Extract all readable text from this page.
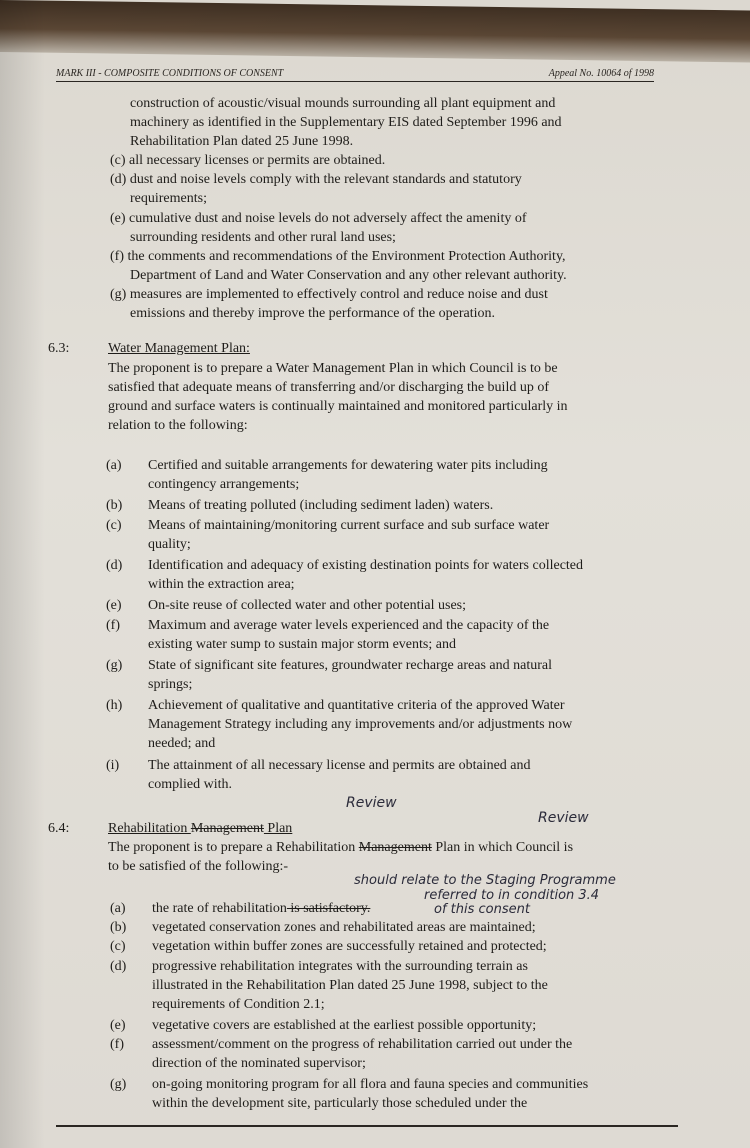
MARK III - COMPOSITE CONDITIONS OF CONSENT	Appeal No. 10064 of 1998

construction of acoustic/visual mounds surrounding all plant equipment and
machinery as identified in the Supplementary EIS dated September 1996 and
Rehabilitation Plan dated 25 June 1998.
(c) all necessary licenses or permits are obtained.
(d) dust and noise levels comply with the relevant standards and statutory
requirements;
(e) cumulative dust and noise levels do not adversely affect the amenity of
surrounding residents and other rural land uses;
(f) the comments and recommendations of the Environment Protection Authority,
Department of Land and Water Conservation and any other relevant authority.
(g) measures are implemented to effectively control and reduce noise and dust
emissions and thereby improve the performance of the operation.
6.3:	Water Management Plan:
The proponent is to prepare a Water Management Plan in which Council is to be
satisfied that adequate means of transferring and/or discharging the build up of
ground and surface waters is continually maintained and monitored particularly in
relation to the following:
(a) Certified and suitable arrangements for dewatering water pits including
contingency arrangements;
(b) Means of treating polluted (including sediment laden) waters.
(c) Means of maintaining/monitoring current surface and sub surface water
quality;
(d) Identification and adequacy of existing destination points for waters collected
within the extraction area;
(e) On-site reuse of collected water and other potential uses;
(f) Maximum and average water levels experienced and the capacity of the
existing water sump to sustain major storm events; and
(g) State of significant site features, groundwater recharge areas and natural
springs;
(h) Achievement of qualitative and quantitative criteria of the approved Water
Management Strategy including any improvements and/or adjustments now
needed; and
(i) The attainment of all necessary license and permits are obtained and
complied with.
Review
Review
6.4:	Rehabilitation Management Plan
The proponent is to prepare a Rehabilitation Management Plan in which Council is
to be satisfied of the following:-
should relate to the Staging Programme
referred to in condition 3.4
of this consent
(a) the rate of rehabilitation is satisfactory.
(b) vegetated conservation zones and rehabilitated areas are maintained;
(c) vegetation within buffer zones are successfully retained and protected;
(d) progressive rehabilitation integrates with the surrounding terrain as
illustrated in the Rehabilitation Plan dated 25 June 1998, subject to the
requirements of Condition 2.1;
(e) vegetative covers are established at the earliest possible opportunity;
(f) assessment/comment on the progress of rehabilitation carried out under the
direction of the nominated supervisor;
(g) on-going monitoring program for all flora and fauna species and communities
within the development site, particularly those scheduled under the
